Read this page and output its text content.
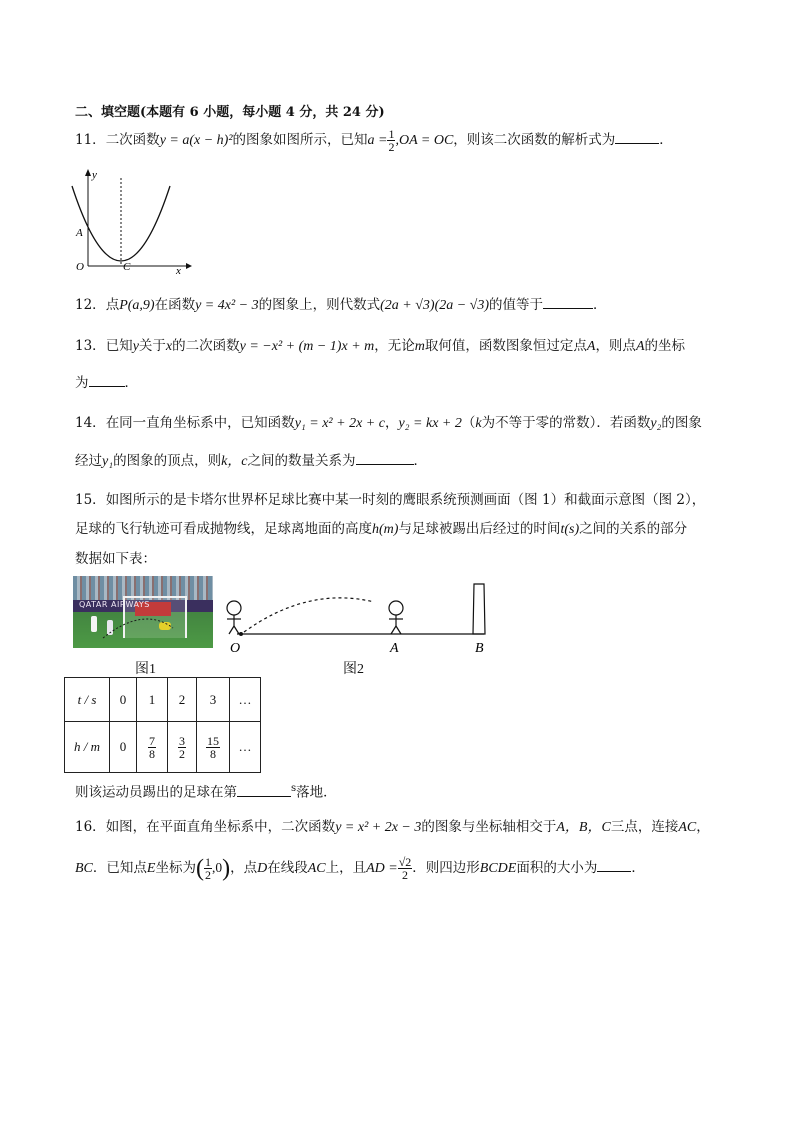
二、填空题(本题有 6 小题，每小题 4 分，共 24 分)
11．二次函数y = a(x − h)²的图象如图所示，已知$a = \frac{1}{2} ,OA$ = OC，则该二次函数的解析式为	．
y
x
A
O	C
12．点P(a,9)在函数y = 4x² − 3的图象上，则代数式(2a + √3)(2a − √3)的值等于	．
13．已知y关于x的二次函数y = −x² + (m − 1)x + m，无论m取何值，函数图象恒过定点A，则点A的坐标
为	．
14．在同一直角坐标系中，已知函数y₁ = x² + 2x + c，y₂ = kx + 2（k为不等于零的常数）．若函数y₂的图象
经过y₁的图象的顶点，则k，c之间的数量关系为	．
15．如图所示的是卡塔尔世界杯足球比赛中某一时刻的鹰眼系统预测画面（图 1）和截面示意图（图 2），
足球的飞行轨迹可看成抛物线，足球离地面的高度h(m)与足球被踢出后经过的时间t(s)之间的关系的部分
数据如下表：
QATAR AIRWAYS
图1
O	A	B
图2
t / s	0	1	2	3	…
h / m	0	$\frac{7}{8}$	$\frac{3}{2}$	$\frac{15}{8}$	…
则该运动员踢出的足球在第	$^s$落地．
16．如图，在平面直角坐标系中，二次函数y = x² + 2x − 3的图象与坐标轴相交于A，B，C三点，连接AC，
BC．已知点E坐标为( $\frac{1}{2} ,0$)，点D在线段AC上，且AD = $\frac{√2}{2}$ ．则四边形BCDE面积的大小为	．
